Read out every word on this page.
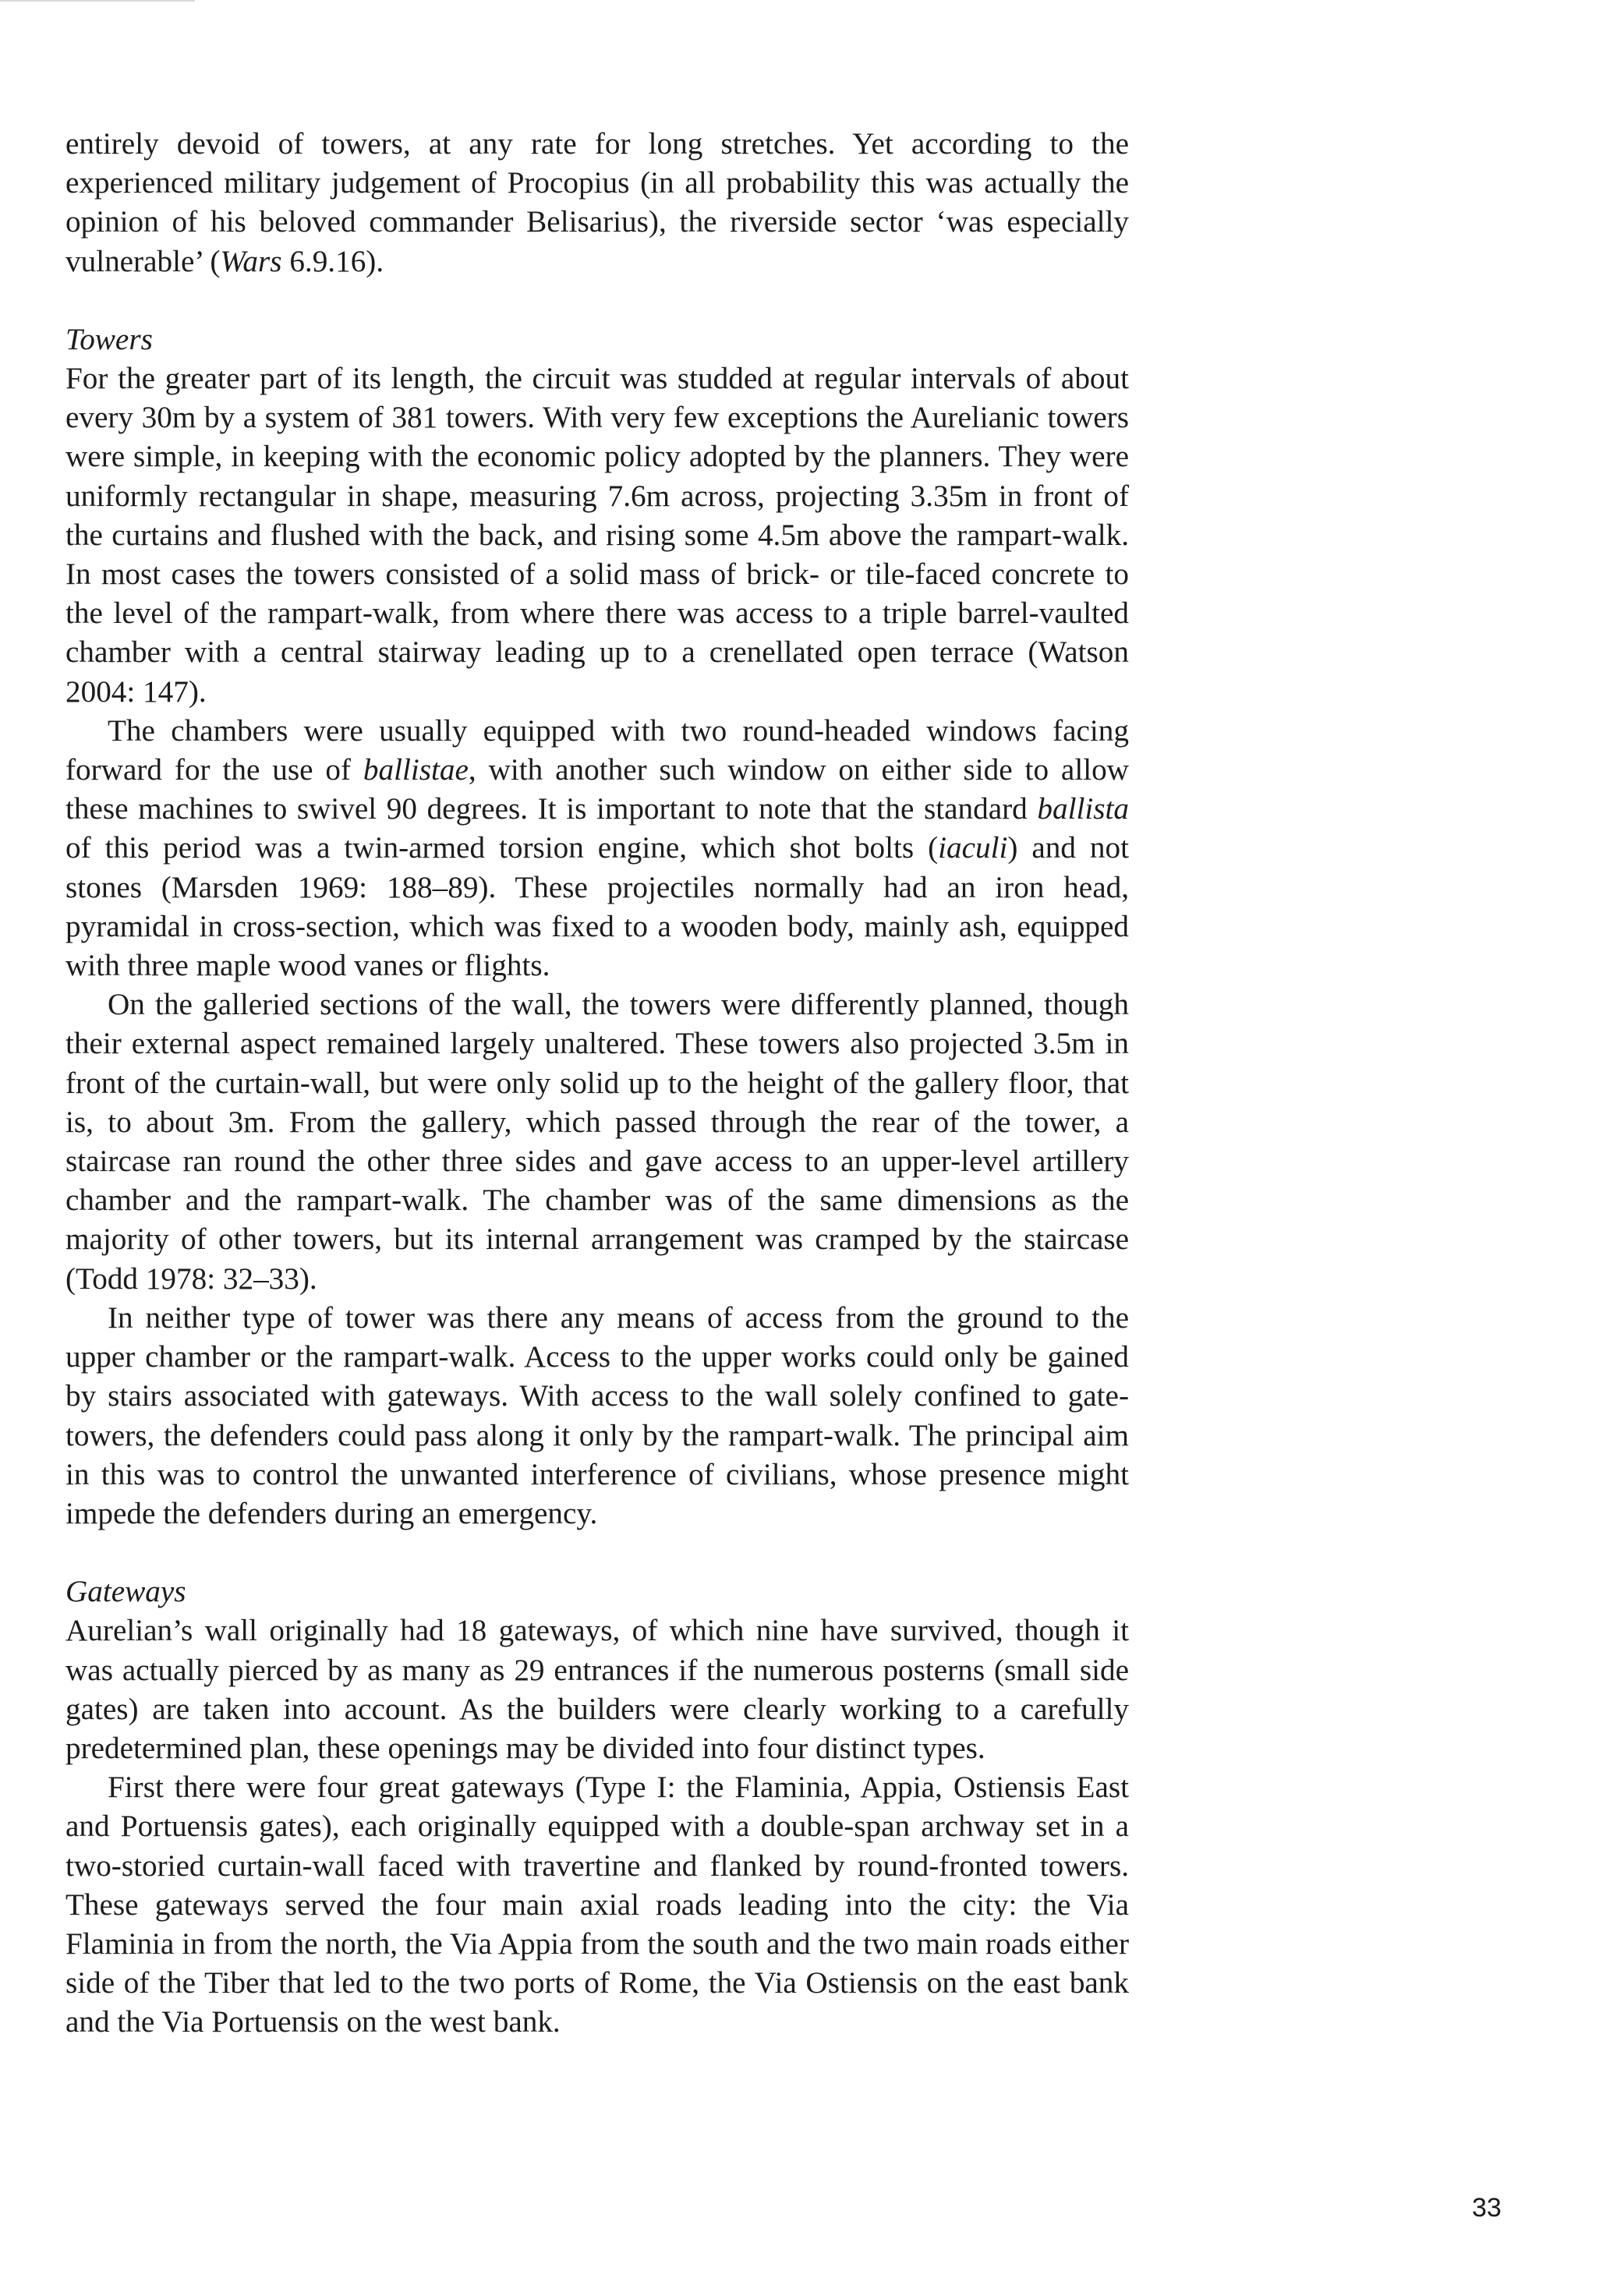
entirely devoid of towers, at any rate for long stretches. Yet according to the experienced military judgement of Procopius (in all probability this was actually the opinion of his beloved commander Belisarius), the riverside sector ‘was especially vulnerable’ (Wars 6.9.16).

Towers

For the greater part of its length, the circuit was studded at regular intervals of about every 30m by a system of 381 towers. With very few exceptions the Aurelianic towers were simple, in keeping with the economic policy adopted by the planners. They were uniformly rectangular in shape, measuring 7.6m across, projecting 3.35m in front of the curtains and flushed with the back, and rising some 4.5m above the rampart-walk. In most cases the towers consisted of a solid mass of brick- or tile-faced concrete to the level of the rampart-walk, from where there was access to a triple barrel-vaulted chamber with a central stairway leading up to a crenellated open terrace (Watson 2004: 147).

The chambers were usually equipped with two round-headed windows facing forward for the use of ballistae, with another such window on either side to allow these machines to swivel 90 degrees. It is important to note that the standard ballista of this period was a twin-armed torsion engine, which shot bolts (iaculi) and not stones (Marsden 1969: 188–89). These projectiles normally had an iron head, pyramidal in cross-section, which was fixed to a wooden body, mainly ash, equipped with three maple wood vanes or flights.

On the galleried sections of the wall, the towers were differently planned, though their external aspect remained largely unaltered. These towers also projected 3.5m in front of the curtain-wall, but were only solid up to the height of the gallery floor, that is, to about 3m. From the gallery, which passed through the rear of the tower, a staircase ran round the other three sides and gave access to an upper-level artillery chamber and the rampart-walk. The chamber was of the same dimensions as the majority of other towers, but its internal arrangement was cramped by the staircase (Todd 1978: 32–33).

In neither type of tower was there any means of access from the ground to the upper chamber or the rampart-walk. Access to the upper works could only be gained by stairs associated with gateways. With access to the wall solely confined to gate-towers, the defenders could pass along it only by the rampart-walk. The principal aim in this was to control the unwanted interference of civilians, whose presence might impede the defenders during an emergency.

Gateways

Aurelian’s wall originally had 18 gateways, of which nine have survived, though it was actually pierced by as many as 29 entrances if the numerous posterns (small side gates) are taken into account. As the builders were clearly working to a carefully predetermined plan, these openings may be divided into four distinct types.

First there were four great gateways (Type I: the Flaminia, Appia, Ostiensis East and Portuensis gates), each originally equipped with a double-span archway set in a two-storied curtain-wall faced with travertine and flanked by round-fronted towers. These gateways served the four main axial roads leading into the city: the Via Flaminia in from the north, the Via Appia from the south and the two main roads either side of the Tiber that led to the two ports of Rome, the Via Ostiensis on the east bank and the Via Portuensis on the west bank.

33
